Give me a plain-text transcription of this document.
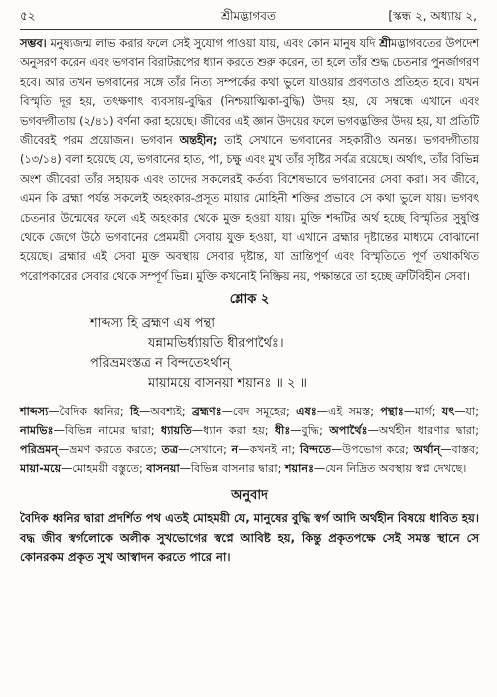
৫২	শ্রীমদ্ভাগবত	[স্কন্ধ ২, অধ্যায় ২,

সম্ভব। মনুষ্যজন্ম লাভ করার ফলে সেই সুযোগ পাওয়া যায়, এবং কোন মানুষ যদি শ্রীমদ্ভাগবতের উপদেশ অনুসরণ করেন এবং ভগবান বিরাটরূপের ধ্যান করতে শুরু করেন, তা হলে তাঁর শুদ্ধ চেতনার পুনর্জাগরণ হবে। আর তখন ভগবানের সঙ্গে তাঁর নিত্য সম্পর্কের কথা ভুলে যাওয়ার প্রবণতাও প্রতিহত হবে। যখন বিস্মৃতি দূর হয়, তৎক্ষণাৎ ব্যবসায়-বুদ্ধির (নিশ্চয়াত্মিকা-বুদ্ধি) উদয় হয়, যে সম্বন্ধে এখানে এবং ভগবদ্গীতায় (২/৪১) বর্ণনা করা হয়েছে। জীবের এই জ্ঞান উদয়ের ফলে ভগবদ্ভক্তির উদয় হয়, যা প্রতিটি জীবেরই পরম প্রয়োজন। ভগবান অন্তহীন; তাই সেখানে ভগবানের সহকারীও অনন্ত। ভগবদ্গীতায় (১৩/১৪) বলা হয়েছে যে, ভগবানের হাত, পা, চক্ষু এবং মুখ তাঁর সৃষ্টির সর্বত্র রয়েছে। অর্থাৎ, তাঁর বিভিন্ন অংশ জীবেরা তাঁর সহায়ক এবং তাদের সকলেরই কর্তব্য বিশেষভাবে ভগবানের সেবা করা। সব জীবে, এমন কি ব্রহ্মা পর্যন্ত সকলেই অহংকার-প্রসূত মায়ার মোহিনী শক্তির প্রভাবে সে কথা ভুলে যায়। ভগবৎ চেতনার উন্মেষের ফলে এই অহংকার থেকে মুক্ত হওয়া যায়। মুক্তি শব্দটির অর্থ হচ্ছে বিস্মৃতির সুষুপ্তি থেকে জেগে উঠে ভগবানের প্রেমময়ী সেবায় যুক্ত হওয়া, যা এখানে ব্রহ্মার দৃষ্টান্তের মাধ্যমে বোঝানো হয়েছে। ব্রহ্মার এই সেবা মুক্ত অবস্থায় সেবার দৃষ্টান্ত, যা ভ্রান্তিপূর্ণ এবং বিস্মৃতিতে পূর্ণ তথাকথিত পরোপকারের সেবার থেকে সম্পূর্ণ ভিন্ন। মুক্তি কখনোই নিষ্ক্রিয় নয়, পক্ষান্তরে তা হচ্ছে ত্রুটিবিহীন সেবা।

শ্লোক ২
শাব্দস্য হি ব্রহ্মণ এষ পন্থা
যন্নামভির্ধ্যায়তি ধীরপার্থৈঃ।
পরিভ্রমংস্তত্র ন বিন্দতেঽর্থান্
মায়াময়ে বাসনয়া শয়ানঃ ॥ ২ ॥
শাব্দস্য—বৈদিক ধ্বনির; হি—অবশ্যই; ব্রহ্মণঃ—বেদ সমূহের; এষঃ—এই সমস্ত; পন্থাঃ—মার্গ; যৎ—যা; নামভিঃ—বিভিন্ন নামের দ্বারা; ধ্যায়তি—ধ্যান করা হয়; ধীঃ—বুদ্ধি; অপার্থৈঃ—অর্থহীন ধারণার দ্বারা; পরিভ্রমন্—ভ্রমণ করতে করতে; তত্র—সেখানে; ন—কখনই না; বিন্দতে—উপভোগ করে; অর্থান্—বাস্তব; মায়া-ময়ে—মোহময়ী বস্তুতে; বাসনয়া—বিভিন্ন বাসনার দ্বারা; শয়ানঃ—যেন নিদ্রিত অবস্থায় স্বপ্ন দেখছে।
অনুবাদ
বৈদিক ধ্বনির দ্বারা প্রদর্শিত পথ এতই মোহময়ী যে, মানুষের বুদ্ধি স্বর্গ আদি অর্থহীন বিষয়ে ধাবিত হয়। বদ্ধ জীব স্বর্গলোকে অলীক সুখভোগের স্বপ্নে আবিষ্ট হয়, কিন্তু প্রকৃতপক্ষে সেই সমস্ত স্থানে সে কোনরকম প্রকৃত সুখ আস্বাদন করতে পারে না।
